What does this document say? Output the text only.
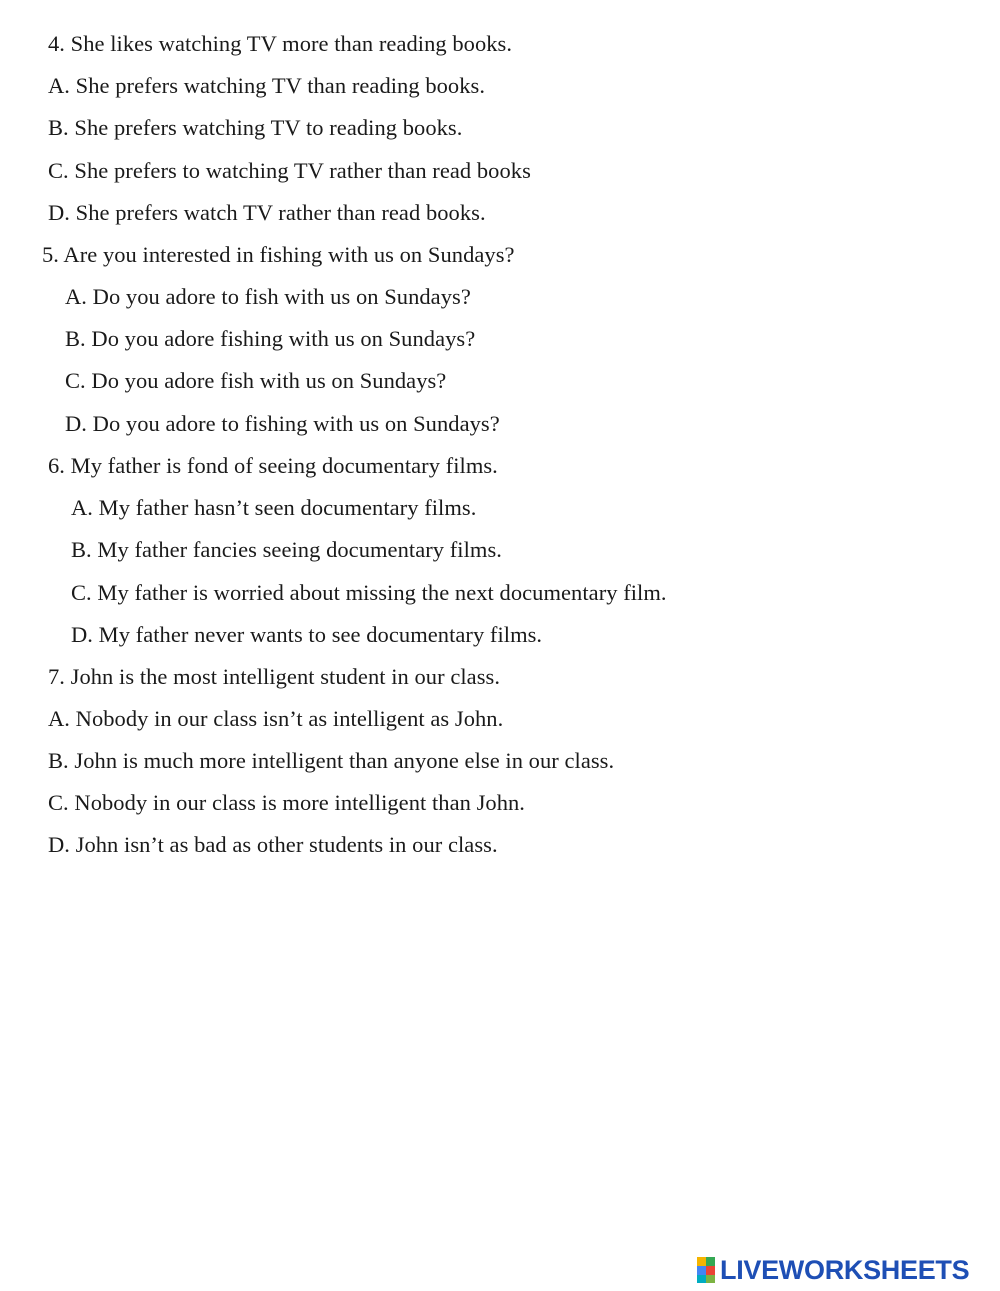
4. She likes watching TV more than reading books.
A. She prefers watching TV than reading books.
B. She prefers watching TV to reading books.
C. She prefers to watching TV rather than read books
D. She prefers watch TV rather than read books.
5. Are you interested in fishing with us on Sundays?
A. Do you adore to fish with us on Sundays?
B. Do you adore fishing with us on Sundays?
C. Do you adore fish with us on Sundays?
D. Do you adore to fishing with us on Sundays?
6. My father is fond of seeing documentary films.
A. My father hasn’t seen documentary films.
B. My father fancies seeing documentary films.
C. My father is worried about missing the next documentary film.
D. My father never wants to see documentary films.
7. John is the most intelligent student in our class.
A. Nobody in our class isn’t as intelligent as John.
B. John is much more intelligent than anyone else in our class.
C. Nobody in our class is more intelligent than John.
D. John isn’t as bad as other students in our class.
LIVEWORKSHEETS
